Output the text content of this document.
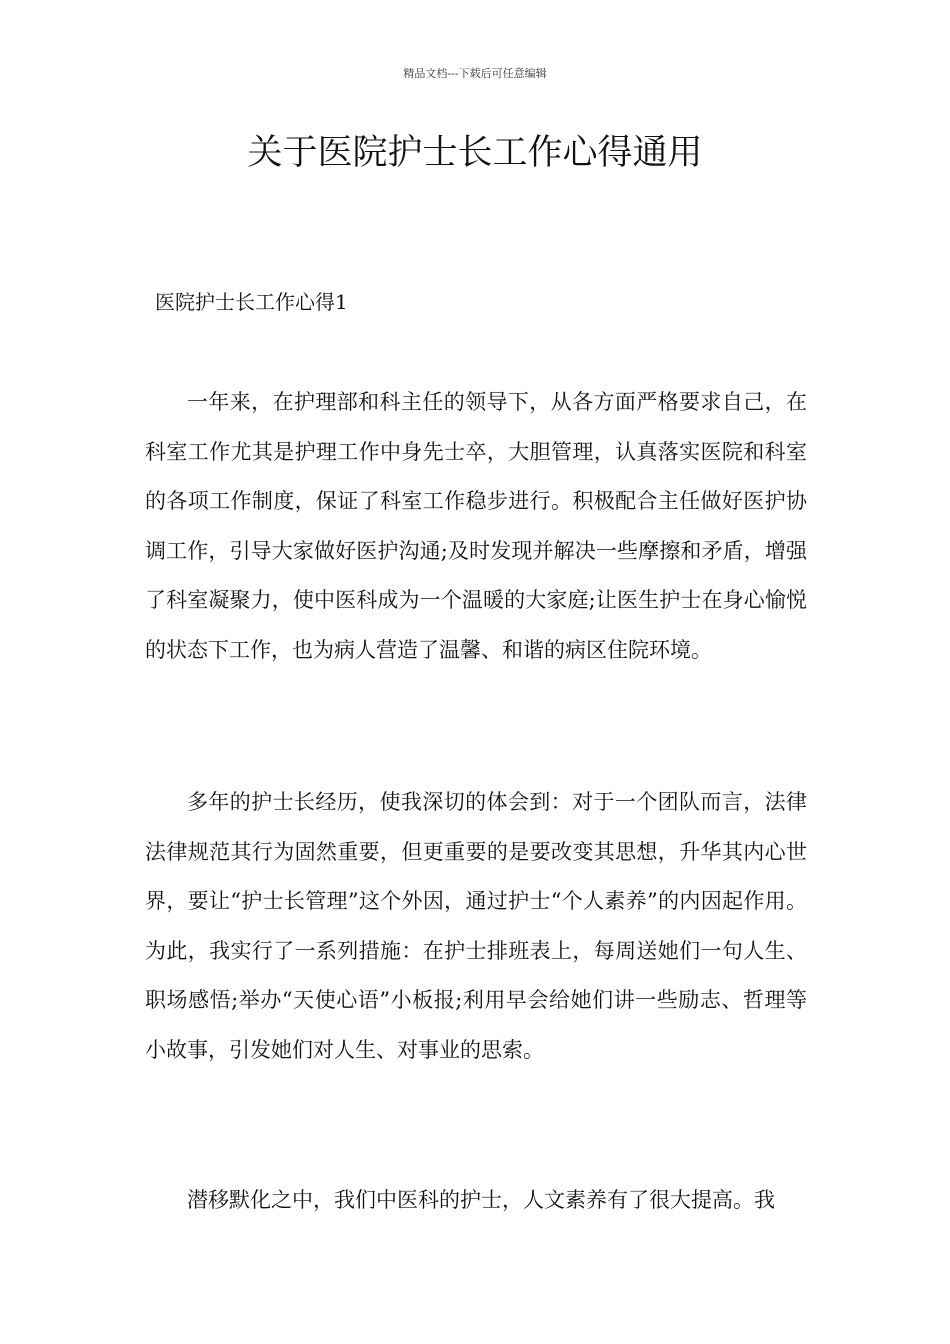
精品文档---下载后可任意编辑
关于医院护士长工作心得通用
医院护士长工作心得1

一年来，在护理部和科主任的领导下，从各方面严格要求自己，在科室工作尤其是护理工作中身先士卒，大胆管理，认真落实医院和科室的各项工作制度，保证了科室工作稳步进行。积极配合主任做好医护协调工作，引导大家做好医护沟通;及时发现并解决一些摩擦和矛盾，增强了科室凝聚力，使中医科成为一个温暖的大家庭;让医生护士在身心愉悦的状态下工作，也为病人营造了温馨、和谐的病区住院环境。

多年的护士长经历，使我深切的体会到：对于一个团队而言，法律法律规范其行为固然重要，但更重要的是要改变其思想，升华其内心世界，要让“护士长管理”这个外因，通过护士“个人素养”的内因起作用。为此，我实行了一系列措施：在护士排班表上，每周送她们一句人生、职场感悟;举办“天使心语”小板报;利用早会给她们讲一些励志、哲理等小故事，引发她们对人生、对事业的思索。

潜移默化之中，我们中医科的护士，人文素养有了很大提高。我
